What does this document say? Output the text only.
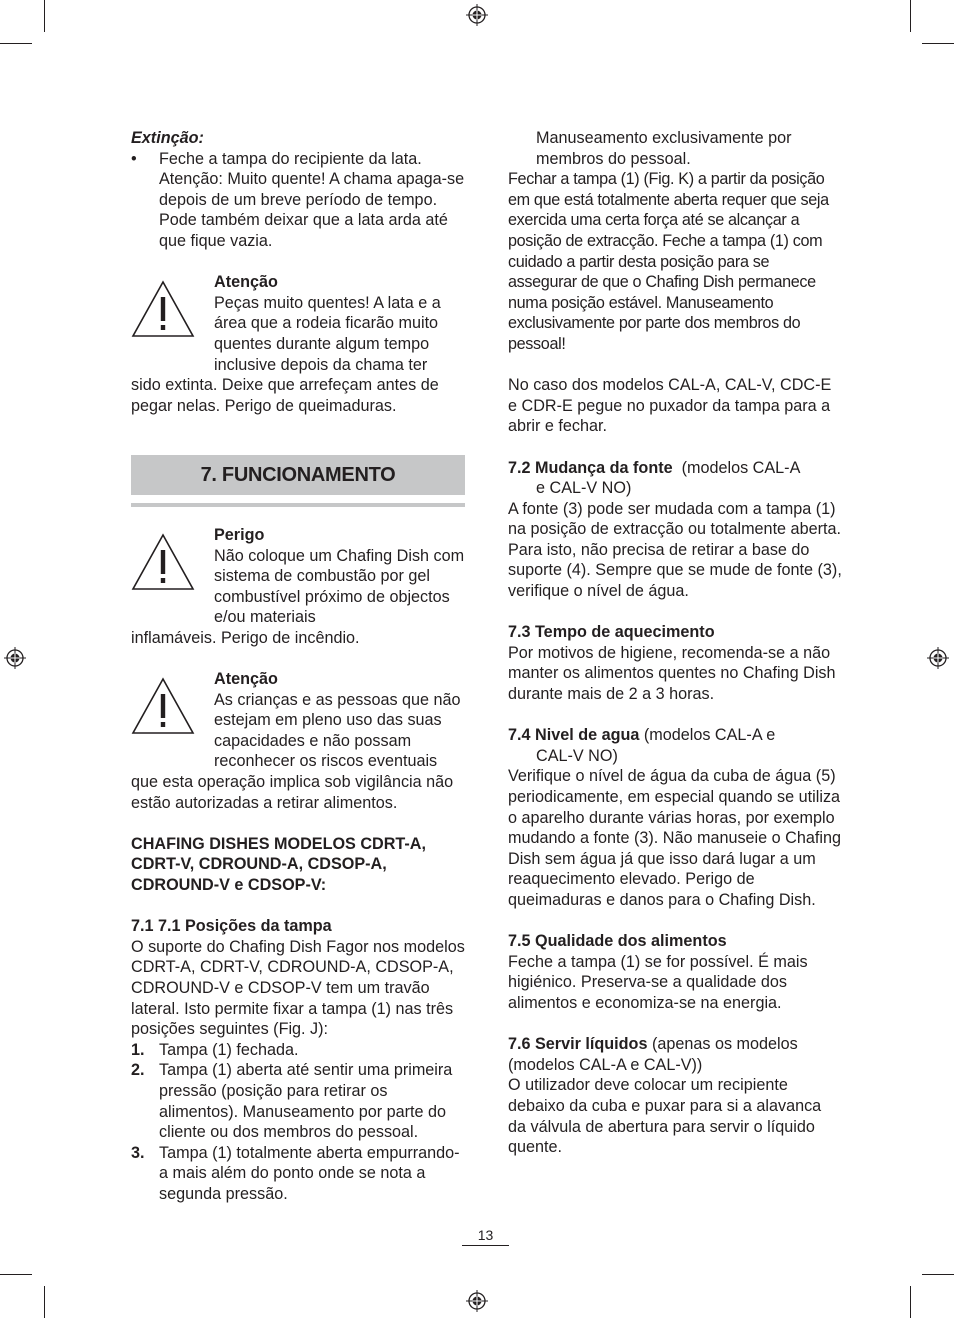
Extinção:

•	Feche a tampa do recipiente da lata. Atenção: Muito quente! A chama apaga-se depois de um breve período de tempo. Pode também deixar que a lata arda até que fique vazia.

Atenção

Peças muito quentes! A lata e a área que a rodeia ficarão muito quentes durante algum tempo inclusive depois da chama ter

sido extinta. Deixe que arrefeçam antes de pegar nelas. Perigo de queimaduras.

7. FUNCIONAMENTO

Perigo

Não coloque um Chafing Dish com sistema de combustão por gel combustível próximo de objectos e/ou materiais

inflamáveis. Perigo de incêndio.

Atenção

As crianças e as pessoas que não estejam em pleno uso das suas capacidades e não possam reconhecer os riscos eventuais

que esta operação implica sob vigilância não estão autorizadas a retirar alimentos.

CHAFING DISHES MODELOS CDRT-A, CDRT-V, CDROUND-A, CDSOP-A, CDROUND-V e CDSOP-V:

7.1 7.1 Posições da tampa

O suporte do Chafing Dish Fagor nos modelos CDRT-A, CDRT-V, CDROUND-A, CDSOP-A, CDROUND-V e CDSOP-V tem um travão lateral. Isto permite fixar a tampa (1) nas três posições seguintes (Fig. J):

1. Tampa (1) fechada.
2. Tampa (1) aberta até sentir uma primeira pressão (posição para retirar os alimentos). Manuseamento por parte do cliente ou dos membros do pessoal.
3. Tampa (1) totalmente aberta empurrando-a mais além do ponto onde se nota a segunda pressão.

Manuseamento exclusivamente por membros do pessoal.

Fechar a tampa (1) (Fig. K) a partir da posição em que está totalmente aberta requer que seja exercida uma certa força até se alcançar a posição de extracção. Feche a tampa (1) com cuidado a partir desta posição para se assegurar de que o Chafing Dish permanece numa posição estável. Manuseamento exclusivamente por parte dos membros do pessoal!

No caso dos modelos CAL-A, CAL-V, CDC-E e CDR-E pegue no puxador da tampa para a abrir e fechar.

7.2 Mudança da fonte (modelos CAL-A

e CAL-V NO)

A fonte (3) pode ser mudada com a tampa (1) na posição de extracção ou totalmente aberta. Para isto, não precisa de retirar a base do suporte (4). Sempre que se mude de fonte (3), verifique o nível de água.

7.3 Tempo de aquecimento

Por motivos de higiene, recomenda-se a não manter os alimentos quentes no Chafing Dish durante mais de 2 a 3 horas.

7.4 Nivel de agua (modelos CAL-A e

CAL-V NO)

Verifique o nível de água da cuba de água (5) periodicamente, em especial quando se utiliza o aparelho durante várias horas, por exemplo mudando a fonte (3). Não manuseie o Chafing Dish sem água já que isso dará lugar a um reaquecimento elevado. Perigo de queimaduras e danos para o Chafing Dish.

7.5 Qualidade dos alimentos

Feche a tampa (1) se for possível. É mais higiénico. Preserva-se a qualidade dos alimentos e economiza-se na energia.

7.6 Servir líquidos (apenas os modelos (modelos CAL-A e CAL-V))

O utilizador deve colocar um recipiente debaixo da cuba e puxar para si a alavanca da válvula de abertura para servir o líquido quente.

13
